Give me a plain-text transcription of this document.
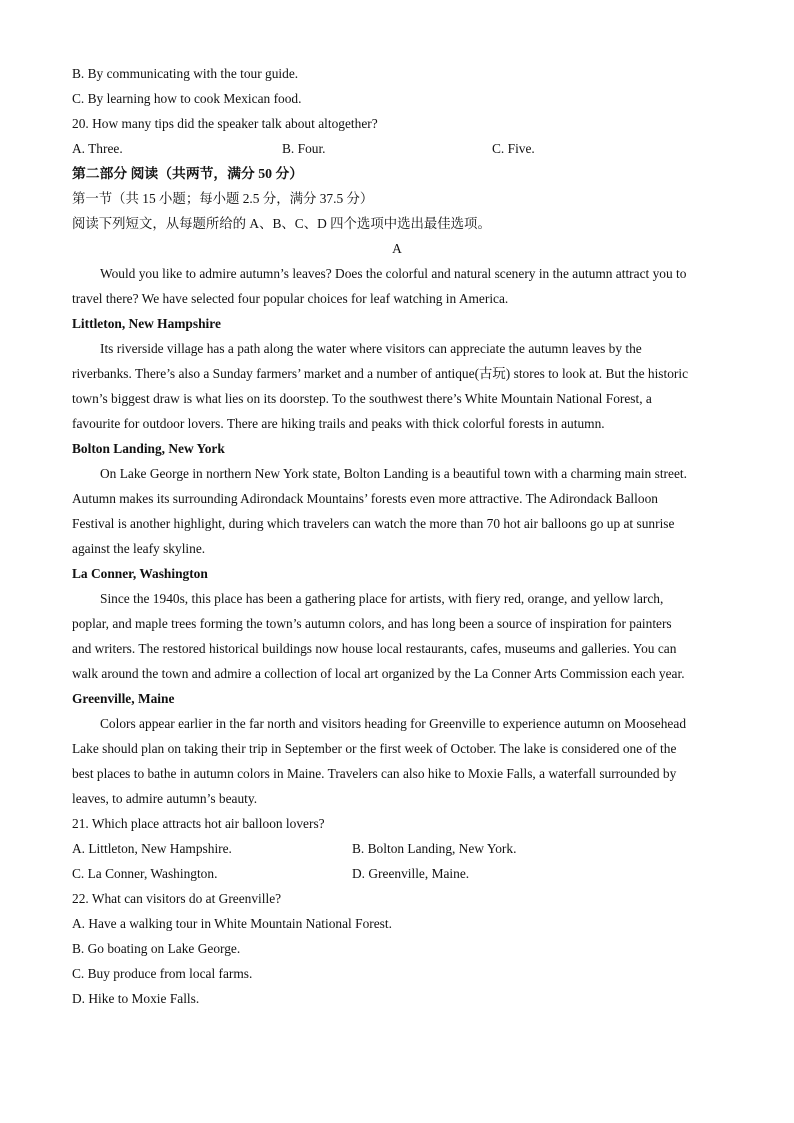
B. By communicating with the tour guide.
C. By learning how to cook Mexican food.
20. How many tips did the speaker talk about altogether?
A. Three.	B. Four.	C. Five.
第二部分 阅读（共两节，满分 50 分）
第一节（共 15 小题；每小题 2.5 分，满分 37.5 分）
阅读下列短文，从每题所给的 A、B、C、D 四个选项中选出最佳选项。
A
Would you like to admire autumn’s leaves? Does the colorful and natural scenery in the autumn attract you to
travel there? We have selected four popular choices for leaf watching in America.
Littleton, New Hampshire
Its riverside village has a path along the water where visitors can appreciate the autumn leaves by the
riverbanks. There’s also a Sunday farmers’ market and a number of antique(古玩) stores to look at. But the historic
town’s biggest draw is what lies on its doorstep. To the southwest there’s White Mountain National Forest, a
favourite for outdoor lovers. There are hiking trails and peaks with thick colorful forests in autumn.
Bolton Landing, New York
On Lake George in northern New York state, Bolton Landing is a beautiful town with a charming main street.
Autumn makes its surrounding Adirondack Mountains’ forests even more attractive. The Adirondack Balloon
Festival is another highlight, during which travelers can watch the more than 70 hot air balloons go up at sunrise
against the leafy skyline.
La Conner, Washington
Since the 1940s, this place has been a gathering place for artists, with fiery red, orange, and yellow larch,
poplar, and maple trees forming the town’s autumn colors, and has long been a source of inspiration for painters
and writers. The restored historical buildings now house local restaurants, cafes, museums and galleries. You can
walk around the town and admire a collection of local art organized by the La Conner Arts Commission each year.
Greenville, Maine
Colors appear earlier in the far north and visitors heading for Greenville to experience autumn on Moosehead
Lake should plan on taking their trip in September or the first week of October. The lake is considered one of the
best places to bathe in autumn colors in Maine. Travelers can also hike to Moxie Falls, a waterfall surrounded by
leaves, to admire autumn’s beauty.
21. Which place attracts hot air balloon lovers?
A. Littleton, New Hampshire.	B. Bolton Landing, New York.
C. La Conner, Washington.	D. Greenville, Maine.
22. What can visitors do at Greenville?
A. Have a walking tour in White Mountain National Forest.
B. Go boating on Lake George.
C. Buy produce from local farms.
D. Hike to Moxie Falls.
